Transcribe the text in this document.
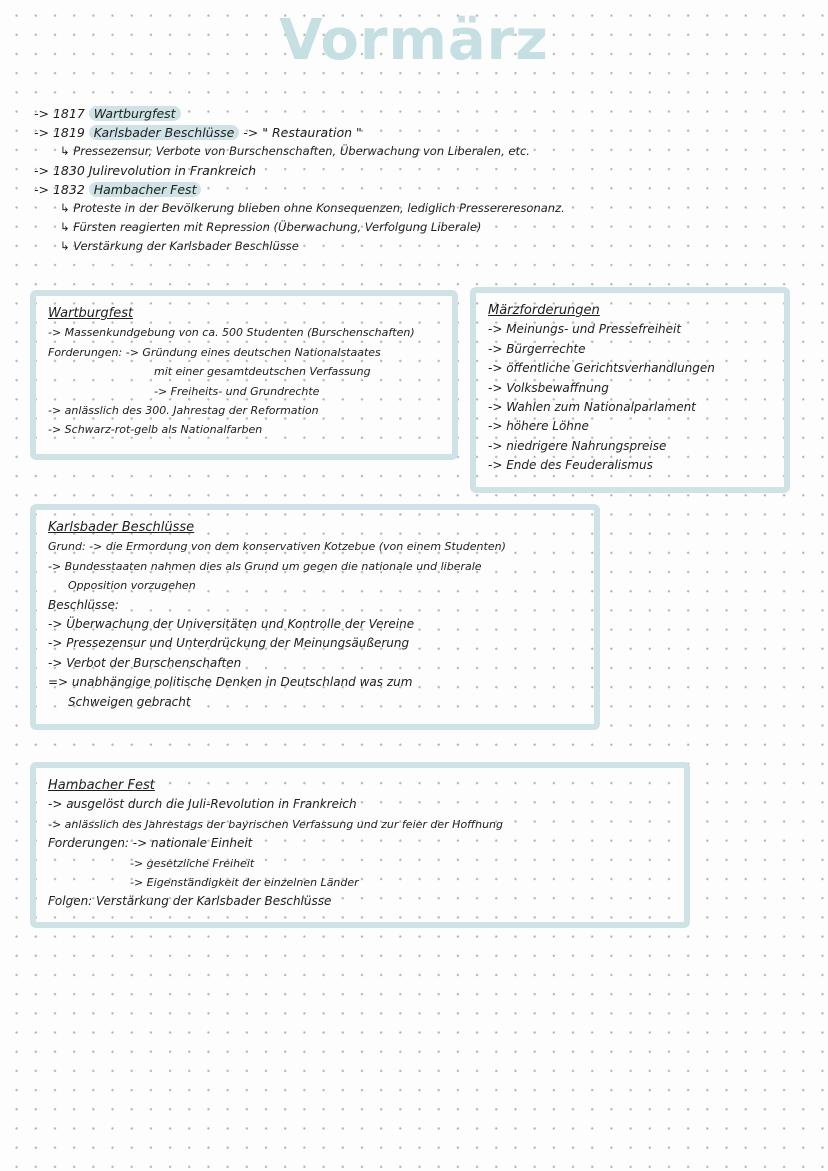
Vormärz
-> 1817 Wartburgfest
-> 1819 Karlsbader Beschlüsse -> " Restauration "
↳ Pressezensur, Verbote von Burschenschaften, Überwachung von Liberalen, etc.
-> 1830 Julirevolution in Frankreich
-> 1832 Hambacher Fest
↳ Proteste in der Bevölkerung blieben ohne Konsequenzen, lediglich Pressereresonanz.
↳ Fürsten reagierten mit Repression (Überwachung, Verfolgung Liberale)
↳ Verstärkung der Karlsbader Beschlüsse
Wartburgfest
-> Massenkundgebung von ca. 500 Studenten (Burschenschaften)
Forderungen: -> Gründung eines deutschen Nationalstaates
mit einer gesamtdeutschen Verfassung
-> Freiheits- und Grundrechte
-> anlässlich des 300. Jahrestag der Reformation
-> Schwarz-rot-gelb als Nationalfarben
Märzforderungen
-> Meinungs- und Pressefreiheit
-> Bürgerrechte
-> öffentliche Gerichtsverhandlungen
-> Volksbewaffnung
-> Wahlen zum Nationalparlament
-> höhere Löhne
-> niedrigere Nahrungspreise
-> Ende des Feuderalismus
Karlsbader Beschlüsse
Grund: -> die Ermordung von dem konservativen Kotzebue (von einem Studenten)
-> Bundesstaaten nahmen dies als Grund um gegen die nationale und liberale
Opposition vorzugehen
Beschlüsse:
-> Überwachung der Universitäten und Kontrolle der Vereine
-> Pressezensur und Unterdrückung der Meinungsäußerung
-> Verbot der Burschenschaften
=> unabhängige politische Denken in Deutschland was zum
Schweigen gebracht
Hambacher Fest
-> ausgelöst durch die Juli-Revolution in Frankreich
-> anlässlich des Jahrestags der bayrischen Verfassung und zur feier der Hoffnung
Forderungen: -> nationale Einheit
-> gesetzliche Freiheit
-> Eigenständigkeit der einzelnen Länder
Folgen: Verstärkung der Karlsbader Beschlüsse
